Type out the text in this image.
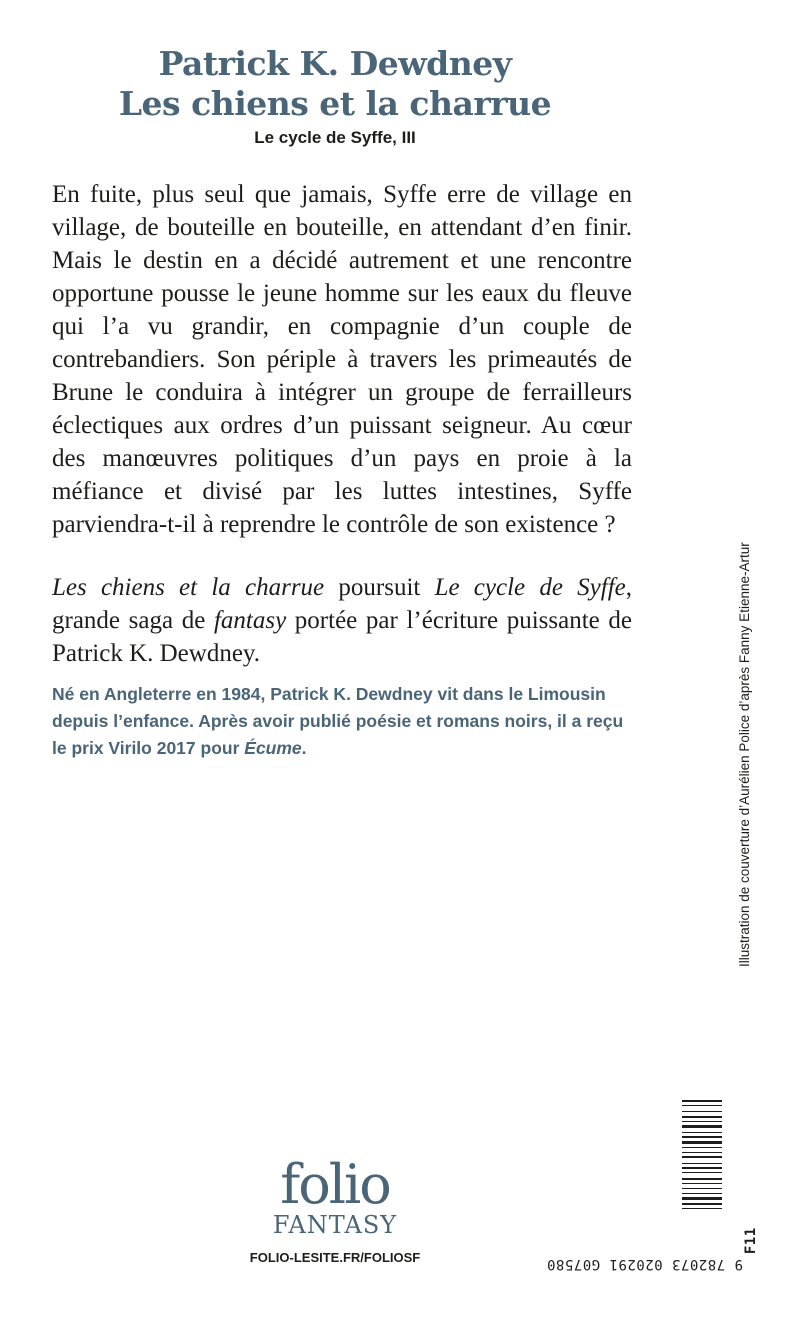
Patrick K. Dewdney
Les chiens et la charrue
Le cycle de Syffe, III

En fuite, plus seul que jamais, Syffe erre de village en village, de bouteille en bouteille, en attendant d’en finir. Mais le destin en a décidé autrement et une rencontre opportune pousse le jeune homme sur les eaux du fleuve qui l’a vu grandir, en compagnie d’un couple de contrebandiers. Son périple à travers les primeautés de Brune le conduira à intégrer un groupe de ferrailleurs éclectiques aux ordres d’un puissant seigneur. Au cœur des manœuvres politiques d’un pays en proie à la méfiance et divisé par les luttes intestines, Syffe parviendra-t-il à reprendre le contrôle de son existence ?

Les chiens et la charrue poursuit Le cycle de Syffe, grande saga de fantasy portée par l’écriture puissante de Patrick K. Dewdney.

Né en Angleterre en 1984, Patrick K. Dewdney vit dans le Limousin depuis l’enfance. Après avoir publié poésie et romans noirs, il a reçu le prix Virilo 2017 pour Écume.	Illustration de couverture d’Aurélien Police d’après Fanny Etienne-Artur
9 782073 020291 G07580
F11
folio
FANTASY
FOLIO-LESITE.FR/FOLIOSF
